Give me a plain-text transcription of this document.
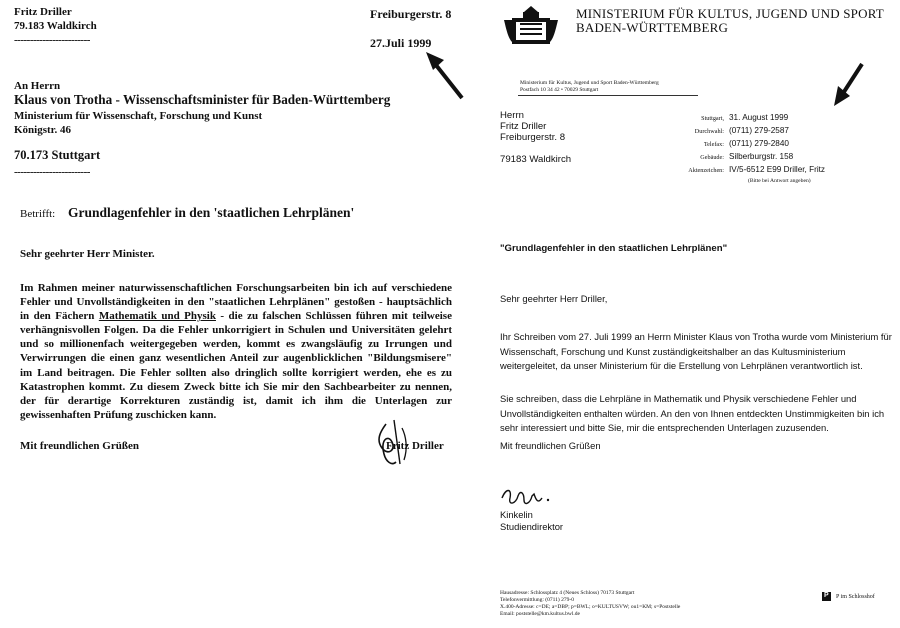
Fritz Driller

79.183 Waldkirch

------------------------

Freiburgerstr. 8

27.Juli 1999

An Herrn

Klaus von Trotha - Wissenschaftsminister für Baden-Württemberg

Ministerium für Wissenschaft, Forschung und Kunst

Königstr. 46

70.173 Stuttgart

------------------------

Betrifft: Grundlagenfehler in den 'staatlichen Lehrplänen'

Sehr geehrter Herr Minister.

Im Rahmen meiner naturwissenschaftlichen Forschungsarbeiten bin ich auf verschiedene Fehler und Unvollständigkeiten in den "staatlichen Lehrplänen" gestoßen - hauptsächlich in den Fächern Mathematik und Physik - die zu falschen Schlüssen führen mit teilweise verhängnisvollen Folgen. Da die Fehler unkorrigiert in Schulen und Universitäten gelehrt und so millionenfach weitergegeben werden, kommt es zwangsläufig zu Irrungen und Verwirrungen die einen ganz wesentlichen Anteil zur augenblicklichen "Bildungsmisere" im Land beitragen. Die Fehler sollten also dringlich sollte korrigiert werden, ehe es zu Katastrophen kommt. Zu diesem Zweck bitte ich Sie mir den Sachbearbeiter zu nennen, der für derartige Korrekturen zuständig ist, damit ich ihm die Unterlagen zur gewissenhaften Prüfung zuschicken kann.

Mit freundlichen Grüßen	Fritz Driller

MINISTERIUM FÜR KULTUS, JUGEND UND SPORT

BADEN-WÜRTTEMBERG

Ministerium für Kultus, Jugend und Sport Baden-Württemberg

Postfach 10 34 42 • 70029 Stuttgart

Herrn

Fritz Driller

Freiburgerstr. 8

79183 Waldkirch

Stuttgart, 31. August 1999

Durchwahl: (0711) 279-2587

Telefax: (0711) 279-2840

Gebäude: Silberburgstr. 158

Aktenzeichen: IV/5-6512 E99 Driller, Fritz

(Bitte bei Antwort angeben)

"Grundlagenfehler in den staatlichen Lehrplänen"

Sehr geehrter Herr Driller,

Ihr Schreiben vom 27. Juli 1999 an Herrn Minister Klaus von Trotha wurde vom Ministerium für Wissenschaft, Forschung und Kunst zuständigkeitshalber an das Kultusministerium weitergeleitet, da unser Ministerium für die Erstellung von Lehrplänen verantwortlich ist.

Sie schreiben, dass die Lehrpläne in Mathematik und Physik verschiedene Fehler und Unvollständigkeiten enthalten würden. An den von Ihnen entdeckten Unstimmigkeiten bin ich sehr interessiert und bitte Sie, mir die entsprechenden Unterlagen zuzusenden.

Mit freundlichen Grüßen

Kinkelin

Studiendirektor

Hausadresse: Schlossplatz 4 (Neues Schloss) 70173 Stuttgart

Telefonvermittlung: (0711) 279-0

X.400-Adresse: c=DE; a=DBP; p=BWL; o=KULTUSVW; ou1=KM; s=Poststelle

Email: poststelle@km.kultus.bwl.de

P P im Schlosshof
